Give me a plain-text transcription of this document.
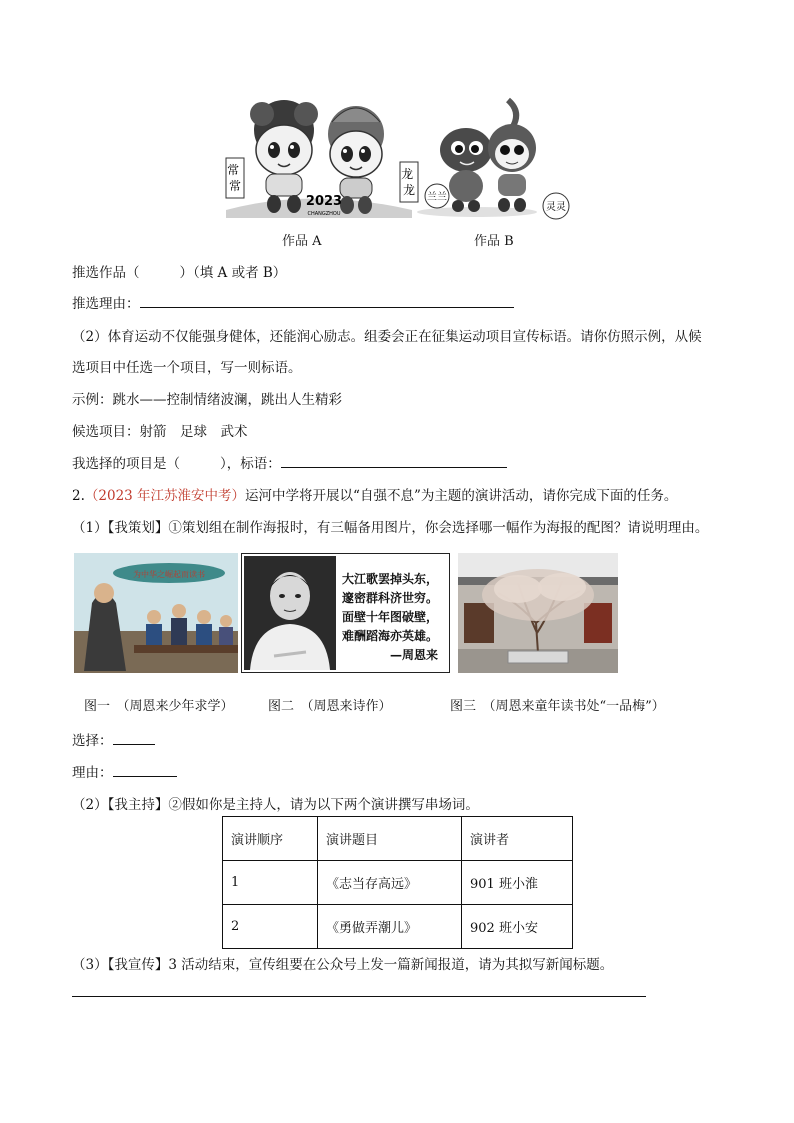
常 常
龙 龙
2023
CHANGZHOU
兰兰
灵灵
作品 A	作品 B
推选作品（	）（填 A 或者 B）
推选理由：
（2）体育运动不仅能强身健体，还能润心励志。组委会正在征集运动项目宣传标语。请你仿照示例，从候
选项目中任选一个项目，写一则标语。
示例：跳水——控制情绪波澜，跳出人生精彩
候选项目：射箭　足球　武术
我选择的项目是（	），标语：
2.（2023 年江苏淮安中考）运河中学将开展以“自强不息”为主题的演讲活动，请你完成下面的任务。
（1）【我策划】①策划组在制作海报时，有三幅备用图片，你会选择哪一幅作为海报的配图？请说明理由。
为中华之崛起而读书	大江歌罢掉头东，
邃密群科济世穷。
面壁十年图破壁，
难酬蹈海亦英雄。
—周恩来
图一　（周恩来少年求学）	图二　（周恩来诗作）	图三　（周恩来童年读书处“一品梅”）
选择：
理由：
（2）【我主持】②假如你是主持人，请为以下两个演讲撰写串场词。
演讲顺序	演讲题目	演讲者
1	《志当存高远》	901 班小淮
2	《勇做弄潮儿》	902 班小安
（3）【我宣传】3 活动结束，宣传组要在公众号上发一篇新闻报道，请为其拟写新闻标题。
